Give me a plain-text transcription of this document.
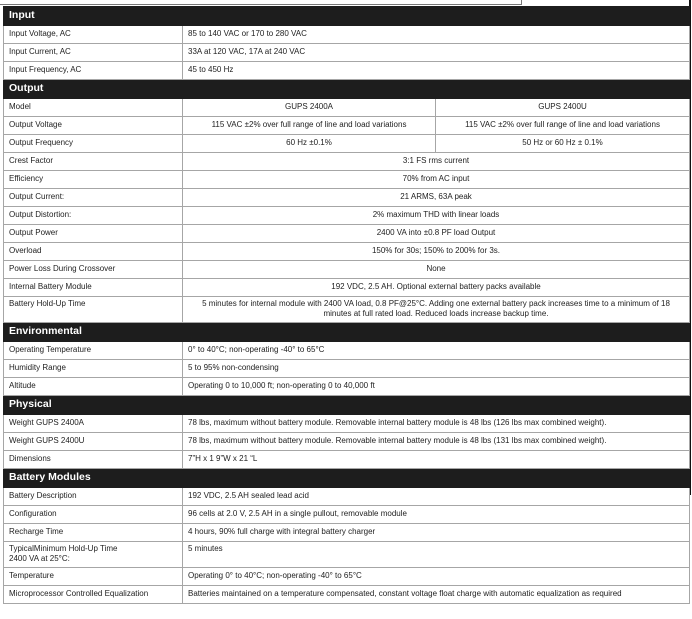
Input		
Input Voltage, AC	85 to 140 VAC or 170 to 280 VAC	
Input Current, AC	33A at 120 VAC, 17A at 240 VAC	
Input Frequency, AC	45 to 450 Hz	
Output		
Model	GUPS 2400A	GUPS 2400U
Output Voltage	115 VAC ±2% over full range of line and load variations	115 VAC ±2% over full range of line and load variations
Output Frequency	60 Hz ±0.1%	50 Hz or 60 Hz ± 0.1%
Crest Factor	3:1 FS rms current	
Efficiency	70% from AC input	
Output Current:	21 ARMS, 63A peak	
Output Distortion:	2% maximum THD with linear loads	
Output Power	2400 VA into ±0.8 PF load Output	
Overload	150% for 30s; 150% to 200% for 3s.	
Power Loss During Crossover	None	
Internal Battery Module	192 VDC, 2.5 AH. Optional external battery packs available	
Battery Hold-Up Time	5 minutes for internal module with 2400 VA load, 0.8 PF@25°C. Adding one external battery pack increases time to a minimum of 18 minutes at full rated load. Reduced loads increase backup time.	
Environmental		
Operating Temperature	0° to 40°C; non-operating -40° to 65°C	
Humidity Range	5 to 95% non-condensing	
Altitude	Operating 0 to 10,000 ft; non-operating 0 to 40,000 ft	
Physical		
Weight GUPS 2400A	78 lbs, maximum without battery module. Removable internal battery module is 48 lbs (126 lbs max combined weight).	
Weight GUPS 2400U	78 lbs, maximum without battery module. Removable internal battery module is 48 lbs (131 lbs max combined weight).	
Dimensions	7”H x 1 9”W x 21 “L	
Battery Modules		
Battery Description	192 VDC, 2.5 AH sealed lead acid	
Configuration	96 cells at 2.0 V, 2.5 AH in a single pullout, removable module	
Recharge Time	4 hours, 90% full charge with integral battery charger	
TypicalMinimum Hold-Up Time
2400 VA at 25°C:	5 minutes	
Temperature	Operating 0° to 40°C; non-operating -40° to 65°C	
Microprocessor Controlled Equalization	Batteries maintained on a temperature compensated, constant voltage float charge with automatic equalization as required	
